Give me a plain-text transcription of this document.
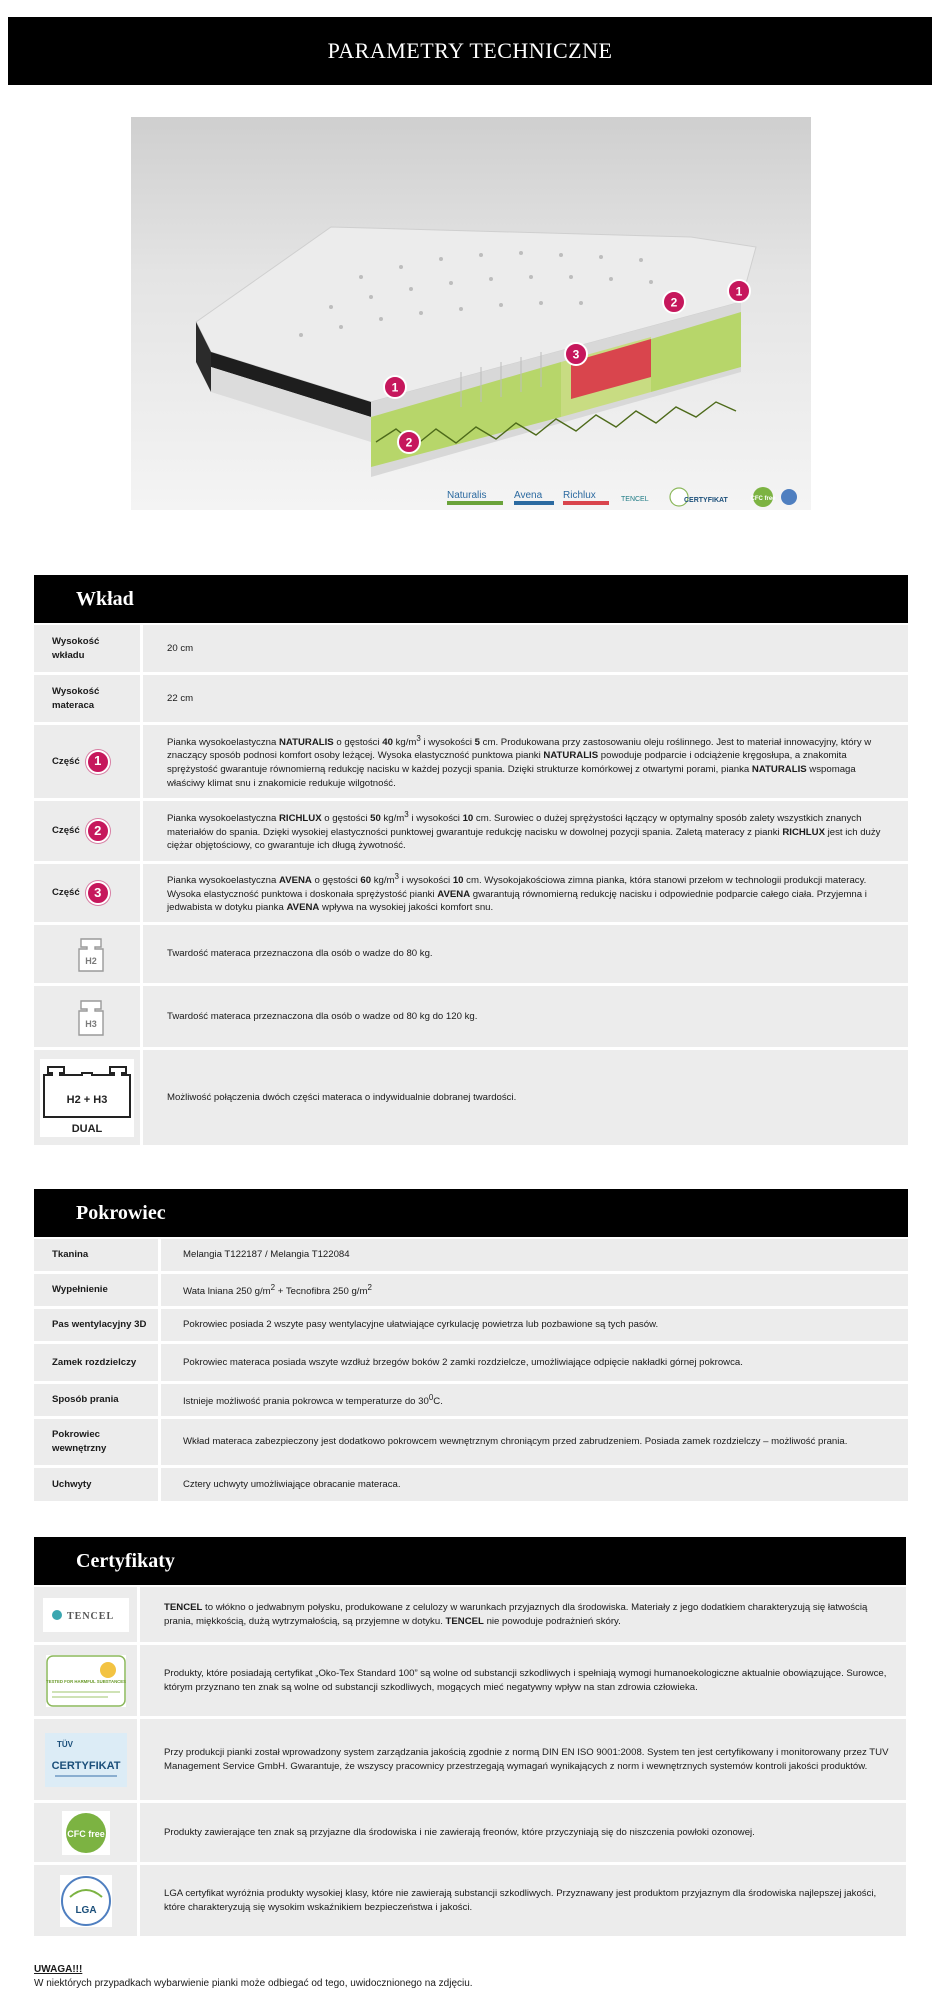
PARAMETRY TECHNICZNE
1
2
3
2
1
Naturalis	Avena Richlux	TENCEL	CERTYFIKAT	CFC free
Wkład
Wysokość wkładu	20 cm
Wysokość materaca	22 cm

Część 1	Pianka wysokoelastyczna NATURALIS o gęstości 40 $kg/m^3$ i wysokości 5 cm. Produkowana przy zastosowaniu oleju roślinnego. Jest to materiał innowacyjny, który w znaczący sposób podnosi komfort osoby leżącej. Wysoka elastyczność punktowa pianki NATURALIS powoduje podparcie i odciążenie kręgosłupa, a znakomita sprężystość gwarantuje równomierną redukcję nacisku w każdej pozycji spania. Dzięki strukturze komórkowej z otwartymi porami, pianka NATURALIS wspomaga właściwy klimat snu i znakomicie redukuje wilgotność.

Część 2	Pianka wysokoelastyczna RICHLUX o gęstości 50 $kg/m^3$ i wysokości 10 cm. Surowiec o dużej sprężystości łączący w optymalny sposób zalety wszystkich znanych materiałów do spania. Dzięki wysokiej elastyczności punktowej gwarantuje redukcję nacisku w dowolnej pozycji spania. Zaletą materacy z pianki RICHLUX jest ich duży ciężar objętościowy, co gwarantuje ich długą żywotność.

Część 3	Pianka wysokoelastyczna AVENA o gęstości 60 $kg/m^3$ i wysokości 10 cm. Wysokojakościowa zimna pianka, która stanowi przełom w technologii produkcji materacy. Wysoka elastyczność punktowa i doskonała sprężystość pianki AVENA gwarantują równomierną redukcję nacisku i odpowiednie podparcie całego ciała. Przyjemna i jedwabista w dotyku pianka AVENA wpływa na wysokiej jakości komfort snu.

H2	Twardość materaca przeznaczona dla osób o wadze do 80 kg.

H3	Twardość materaca przeznaczona dla osób o wadze od 80 kg do 120 kg.

H2 + H3
DUAL	Możliwość połączenia dwóch części materaca o indywidualnie dobranej twardości.
Pokrowiec
Tkanina	Melangia T122187 / Melangia T122084
Wypełnienie	Wata lniana 250 $g/m^2$ + Tecnofibra 250 $g/m^2$
Pas wentylacyjny 3D	Pokrowiec posiada 2 wszyte pasy wentylacyjne ułatwiające cyrkulację powietrza lub pozbawione są tych pasów.
Zamek rozdzielczy	Pokrowiec materaca posiada wszyte wzdłuż brzegów boków 2 zamki rozdzielcze, umożliwiające odpięcie nakładki górnej pokrowca.
Sposób prania	Istnieje możliwość prania pokrowca w temperaturze do $30^0C$.
Pokrowiec wewnętrzny	Wkład materaca zabezpieczony jest dodatkowo pokrowcem wewnętrznym chroniącym przed zabrudzeniem. Posiada zamek rozdzielczy – możliwość prania.
Uchwyty	Cztery uchwyty umożliwiające obracanie materaca.
Certyfikaty
TENCEL	TENCEL to włókno o jedwabnym połysku, produkowane z celulozy w warunkach przyjaznych dla środowiska. Materiały z jego dodatkiem charakteryzują się łatwością prania, miękkością, dużą wytrzymałością, są przyjemne w dotyku. TENCEL nie powoduje podrażnień skóry.

TESTED FOR HARMFUL SUBSTANCES	Produkty, które posiadają certyfikat „Oko-Tex Standard 100” są wolne od substancji szkodliwych i spełniają wymogi humanoekologiczne aktualnie obowiązujące. Surowce, którym przyznano ten znak są wolne od substancji szkodliwych, mogących mieć negatywny wpływ na stan zdrowia człowieka.

TÜV
CERTYFIKAT	Przy produkcji pianki został wprowadzony system zarządzania jakością zgodnie z normą DIN EN ISO 9001:2008. System ten jest certyfikowany i monitorowany przez TUV Management Service GmbH. Gwarantuje, że wszyscy pracownicy przestrzegają wymagań wynikających z norm i wewnętrznych systemów kontroli jakości produktów.

CFC free	Produkty zawierające ten znak są przyjazne dla środowiska i nie zawierają freonów, które przyczyniają się do niszczenia powłoki ozonowej.

LGA	LGA certyfikat wyróżnia produkty wysokiej klasy, które nie zawierają substancji szkodliwych. Przyznawany jest produktom przyjaznym dla środowiska najlepszej jakości, które charakteryzują się wysokim wskaźnikiem bezpieczeństwa i jakości.
UWAGA!!!
W niektórych przypadkach wybarwienie pianki może odbiegać od tego, uwidocznionego na zdjęciu.
